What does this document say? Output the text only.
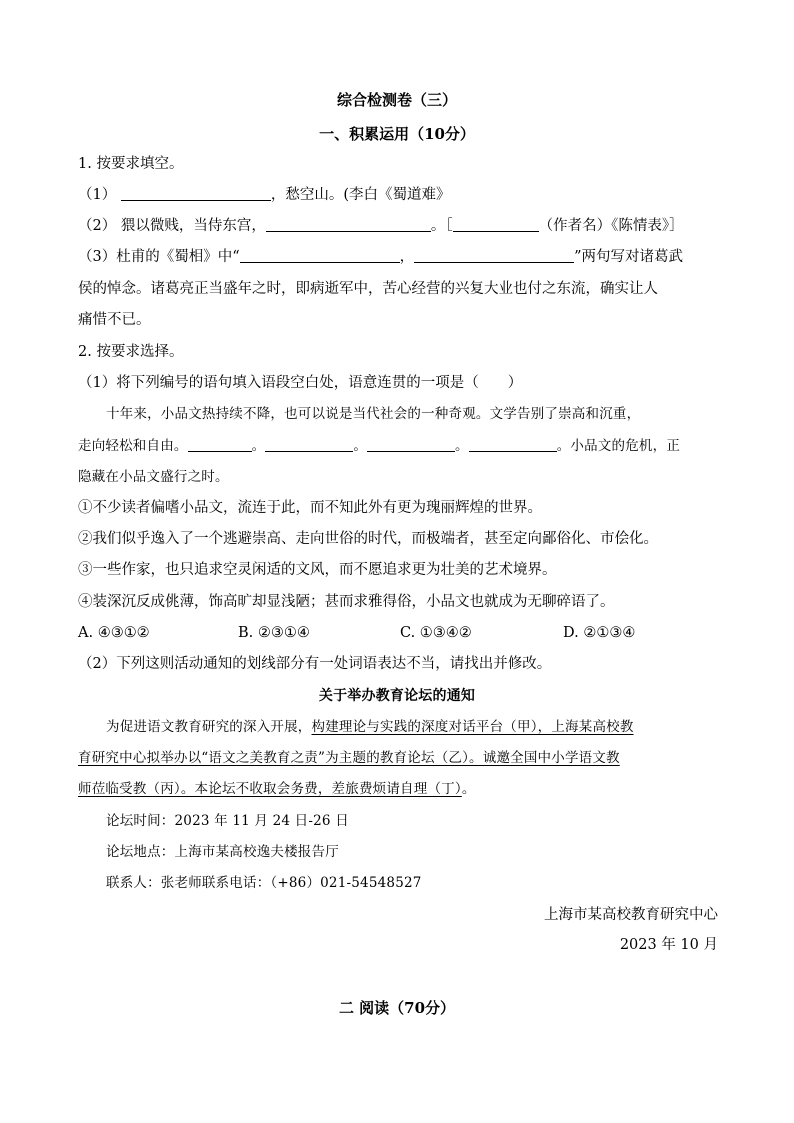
综合检测卷（三）
一、积累运用（10分）
1. 按要求填空。
（1）	，愁空山。(李白《蜀道难》
（2） 猥以微贱，当侍东宫，	。［	（作者名）《陈情表》］
（3）杜甫的《蜀相》中“	，	”两句写对诸葛武
侯的悼念。诸葛亮正当盛年之时，即病逝军中，苦心经营的兴复大业也付之东流，确实让人
痛惜不已。
2. 按要求选择。
（1）将下列编号的语句填入语段空白处，语意连贯的一项是（　　）
十年来，小品文热持续不降，也可以说是当代社会的一种奇观。文学告别了崇高和沉重，
走向轻松和自由。	。	。	。	。小品文的危机，正
隐藏在小品文盛行之时。
①不少读者偏嗜小品文，流连于此，而不知此外有更为瑰丽辉煌的世界。
②我们似乎逸入了一个逃避崇高、走向世俗的时代，而极端者，甚至定向鄙俗化、市侩化。
③一些作家，也只追求空灵闲适的文风，而不愿追求更为壮美的艺术境界。
④装深沉反成佻薄，饰高旷却显浅陋；甚而求雅得俗，小品文也就成为无聊碎语了。
A. ④③①②	B. ②③①④	C. ①③④②	D. ②①③④
（2）下列这则活动通知的划线部分有一处词语表达不当，请找出并修改。
关于举办教育论坛的通知
为促进语文教育研究的深入开展，构建理论与实践的深度对话平台（甲），上海某高校教
育研究中心拟举办以“语文之美教育之责”为主题的教育论坛（乙）。诚邀全国中小学语文教
师莅临受教（丙）。本论坛不收取会务费，差旅费烦请自理（丁）。
论坛时间：2023 年 11 月 24 日-26 日
论坛地点：上海市某高校逸夫楼报告厅
联系人：张老师联系电话：（+86）021-54548527
上海市某高校教育研究中心
2023 年 10 月
二 阅读（70分）
